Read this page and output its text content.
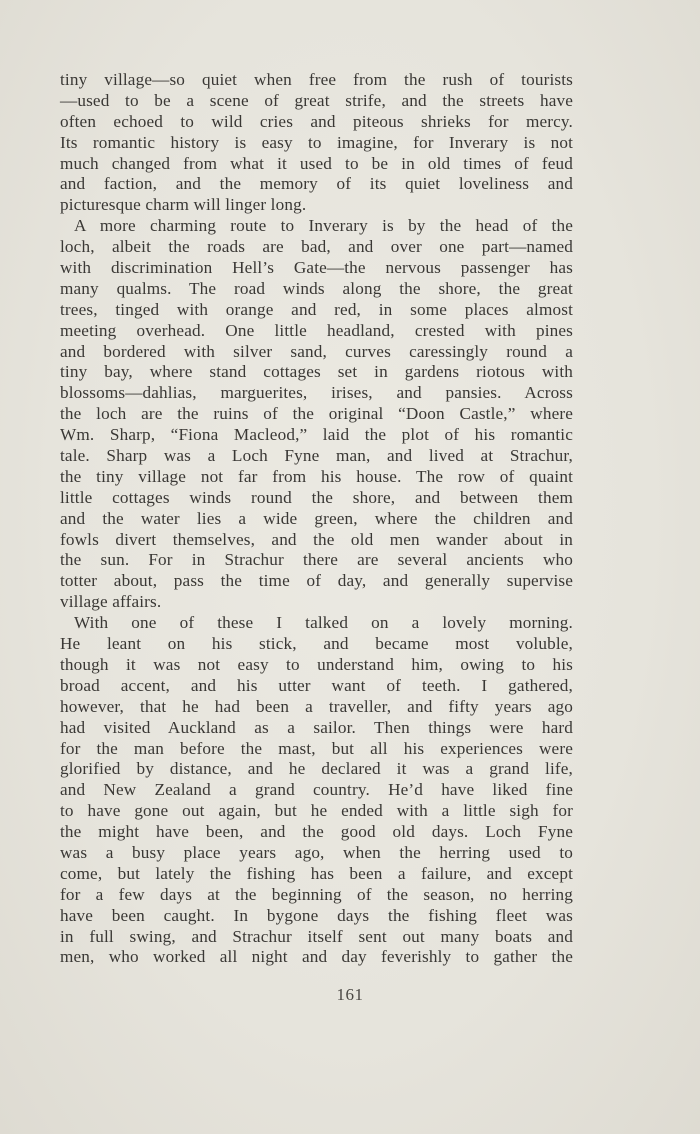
tiny village—so quiet when free from the rush of tourists
—used to be a scene of great strife, and the streets have
often echoed to wild cries and piteous shrieks for mercy.
Its romantic history is easy to imagine, for Inverary is not
much changed from what it used to be in old times of feud
and faction, and the memory of its quiet loveliness and
picturesque charm will linger long.
A more charming route to Inverary is by the head of the
loch, albeit the roads are bad, and over one part—named
with discrimination Hell’s Gate—the nervous passenger has
many qualms. The road winds along the shore, the great
trees, tinged with orange and red, in some places almost
meeting overhead. One little headland, crested with pines
and bordered with silver sand, curves caressingly round a
tiny bay, where stand cottages set in gardens riotous with
blossoms—dahlias, marguerites, irises, and pansies. Across
the loch are the ruins of the original “Doon Castle,” where
Wm. Sharp, “Fiona Macleod,” laid the plot of his romantic
tale. Sharp was a Loch Fyne man, and lived at Strachur,
the tiny village not far from his house. The row of quaint
little cottages winds round the shore, and between them
and the water lies a wide green, where the children and
fowls divert themselves, and the old men wander about in
the sun. For in Strachur there are several ancients who
totter about, pass the time of day, and generally supervise
village affairs.
With one of these I talked on a lovely morning.
He leant on his stick, and became most voluble,
though it was not easy to understand him, owing to his
broad accent, and his utter want of teeth. I gathered,
however, that he had been a traveller, and fifty years ago
had visited Auckland as a sailor. Then things were hard
for the man before the mast, but all his experiences were
glorified by distance, and he declared it was a grand life,
and New Zealand a grand country. He’d have liked fine
to have gone out again, but he ended with a little sigh for
the might have been, and the good old days. Loch Fyne
was a busy place years ago, when the herring used to
come, but lately the fishing has been a failure, and except
for a few days at the beginning of the season, no herring
have been caught. In bygone days the fishing fleet was
in full swing, and Strachur itself sent out many boats and
men, who worked all night and day feverishly to gather the
161
